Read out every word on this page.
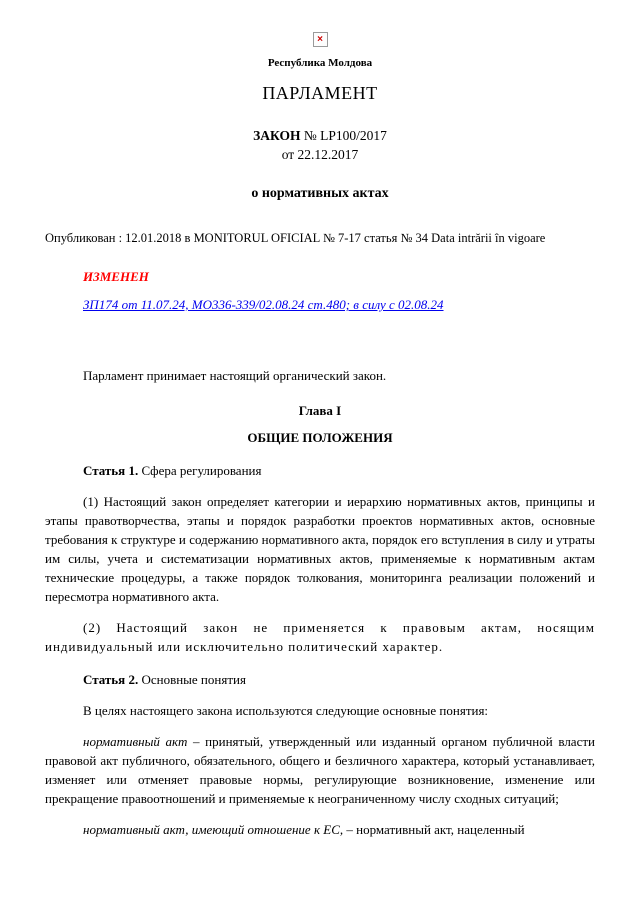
×
Республика Молдова
ПАРЛАМЕНТ
ЗАКОН № LP100/2017
от 22.12.2017
о нормативных актах
Опубликован : 12.01.2018 в MONITORUL OFICIAL № 7-17 статья № 34 Data intrării în vigoare
ИЗМЕНЕН
ЗП174 от 11.07.24, МО336-339/02.08.24 ст.480; в силу с 02.08.24

Парламент принимает настоящий органический закон.

Глава I
ОБЩИЕ ПОЛОЖЕНИЯ

Статья 1. Сфера регулирования

(1) Настоящий закон определяет категории и иерархию нормативных актов, принципы и этапы правотворчества, этапы и порядок разработки проектов нормативных актов, основные требования к структуре и содержанию нормативного акта, порядок его вступления в силу и утраты им силы, учета и систематизации нормативных актов, применяемые к нормативным актам технические процедуры, а также порядок толкования, мониторинга реализации положений и пересмотра нормативного акта.

(2) Настоящий закон не применяется к правовым актам, носящим индивидуальный или исключительно политический характер.

Статья 2. Основные понятия

В целях настоящего закона используются следующие основные понятия:

нормативный акт – принятый, утвержденный или изданный органом публичной власти правовой акт публичного, обязательного, общего и безличного характера, который устанавливает, изменяет или отменяет правовые нормы, регулирующие возникновение, изменение или прекращение правоотношений и применяемые к неограниченному числу сходных ситуаций;

нормативный акт, имеющий отношение к ЕС, – нормативный акт, нацеленный
